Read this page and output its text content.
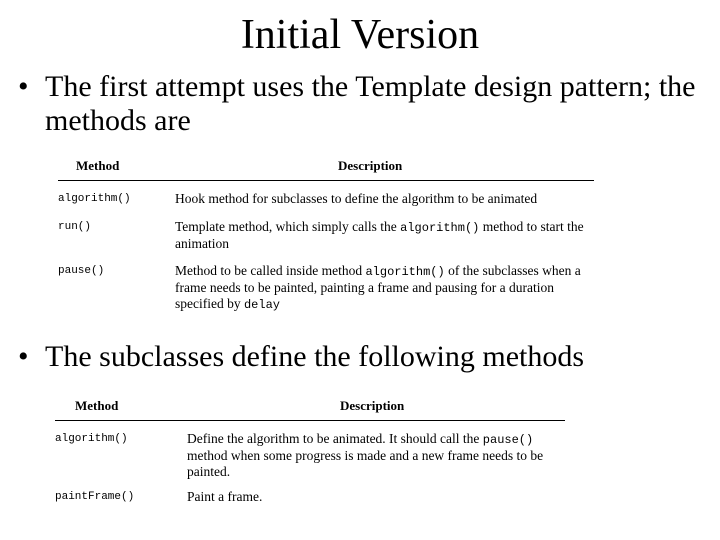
Initial Version
• The first attempt uses the Template design pattern; the methods are
Method	Description
algorithm()	Hook method for subclasses to define the algorithm to be animated
run()	Template method, which simply calls the algorithm() method to start the animation
pause()	Method to be called inside method algorithm() of the subclasses when a frame needs to be painted, painting a frame and pausing for a duration specified by delay
• The subclasses define the following methods
Method	Description
algorithm()	Define the algorithm to be animated. It should call the pause() method when some progress is made and a new frame needs to be painted.
paintFrame()	Paint a frame.
